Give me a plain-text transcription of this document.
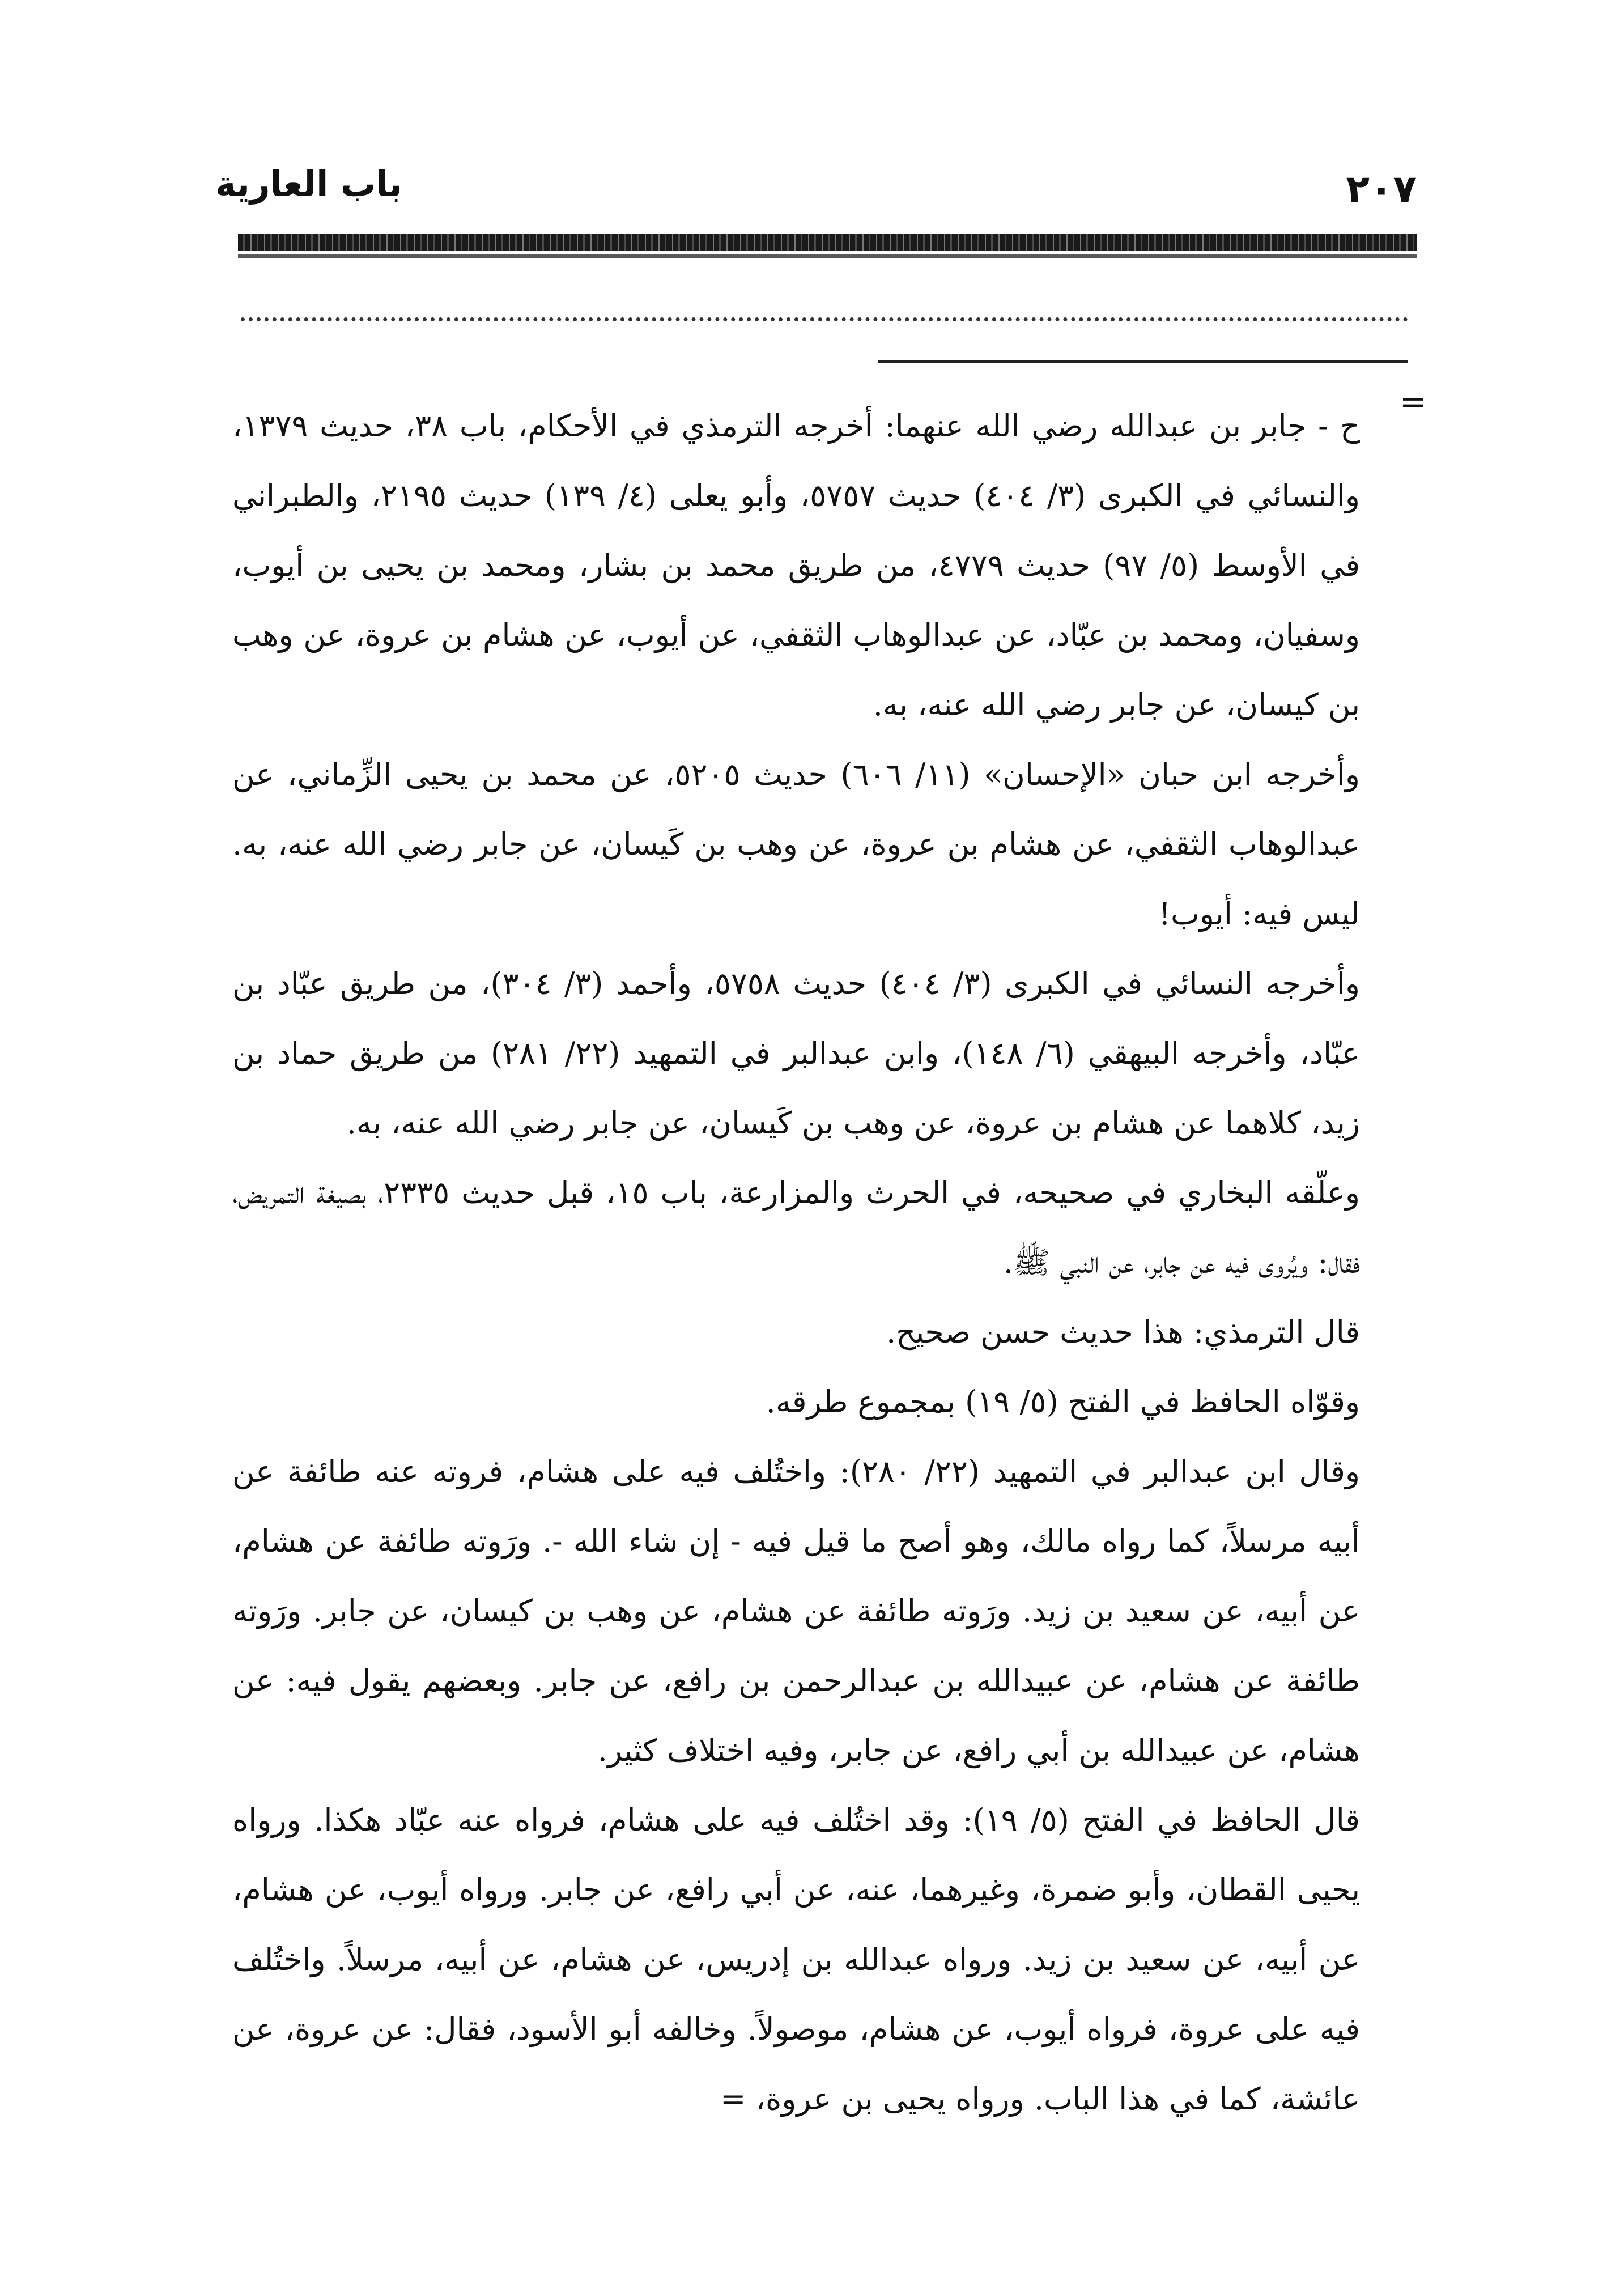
باب العارية	٢٠٧
=

ح - جابر بن عبدالله رضي الله عنهما: أخرجه الترمذي في الأحكام، باب ٣٨، حديث ١٣٧٩، والنسائي في الكبرى (٣/ ٤٠٤) حديث ٥٧٥٧، وأبو يعلى (٤/ ١٣٩) حديث ٢١٩٥، والطبراني في الأوسط (٥/ ٩٧) حديث ٤٧٧٩، من طريق محمد بن بشار، ومحمد بن يحيى بن أيوب، وسفيان، ومحمد بن عبّاد، عن عبدالوهاب الثقفي، عن أيوب، عن هشام بن عروة، عن وهب بن كيسان، عن جابر رضي الله عنه، به.

وأخرجه ابن حبان «الإحسان» (١١/ ٦٠٦) حديث ٥٢٠٥، عن محمد بن يحيى الزِّماني، عن عبدالوهاب الثقفي، عن هشام بن عروة، عن وهب بن كَيسان، عن جابر رضي الله عنه، به. ليس فيه: أيوب!

وأخرجه النسائي في الكبرى (٣/ ٤٠٤) حديث ٥٧٥٨، وأحمد (٣/ ٣٠٤)، من طريق عبّاد بن عبّاد، وأخرجه البيهقي (٦/ ١٤٨)، وابن عبدالبر في التمهيد (٢٢/ ٢٨١) من طريق حماد بن زيد، كلاهما عن هشام بن عروة، عن وهب بن كَيسان، عن جابر رضي الله عنه، به.

وعلّقه البخاري في صحيحه، في الحرث والمزارعة، باب ١٥، قبل حديث ٢٣٣٥، بصيغة التمريض، فقال: ويُروى فيه عن جابر، عن النبي ﷺ.

قال الترمذي: هذا حديث حسن صحيح.

وقوّاه الحافظ في الفتح (٥/ ١٩) بمجموع طرقه.

وقال ابن عبدالبر في التمهيد (٢٢/ ٢٨٠): واختُلف فيه على هشام، فروته عنه طائفة عن أبيه مرسلاً، كما رواه مالك، وهو أصح ما قيل فيه - إن شاء الله -. ورَوته طائفة عن هشام، عن أبيه، عن سعيد بن زيد. ورَوته طائفة عن هشام، عن وهب بن كيسان، عن جابر. ورَوته طائفة عن هشام، عن عبيدالله بن عبدالرحمن بن رافع، عن جابر. وبعضهم يقول فيه: عن هشام، عن عبيدالله بن أبي رافع، عن جابر، وفيه اختلاف كثير.

قال الحافظ في الفتح (٥/ ١٩): وقد اختُلف فيه على هشام، فرواه عنه عبّاد هكذا. ورواه يحيى القطان، وأبو ضمرة، وغيرهما، عنه، عن أبي رافع، عن جابر. ورواه أيوب، عن هشام، عن أبيه، عن سعيد بن زيد. ورواه عبدالله بن إدريس، عن هشام، عن أبيه، مرسلاً. واختُلف فيه على عروة، فرواه أيوب، عن هشام، موصولاً. وخالفه أبو الأسود، فقال: عن عروة، عن عائشة، كما في هذا الباب. ورواه يحيى بن عروة، =
